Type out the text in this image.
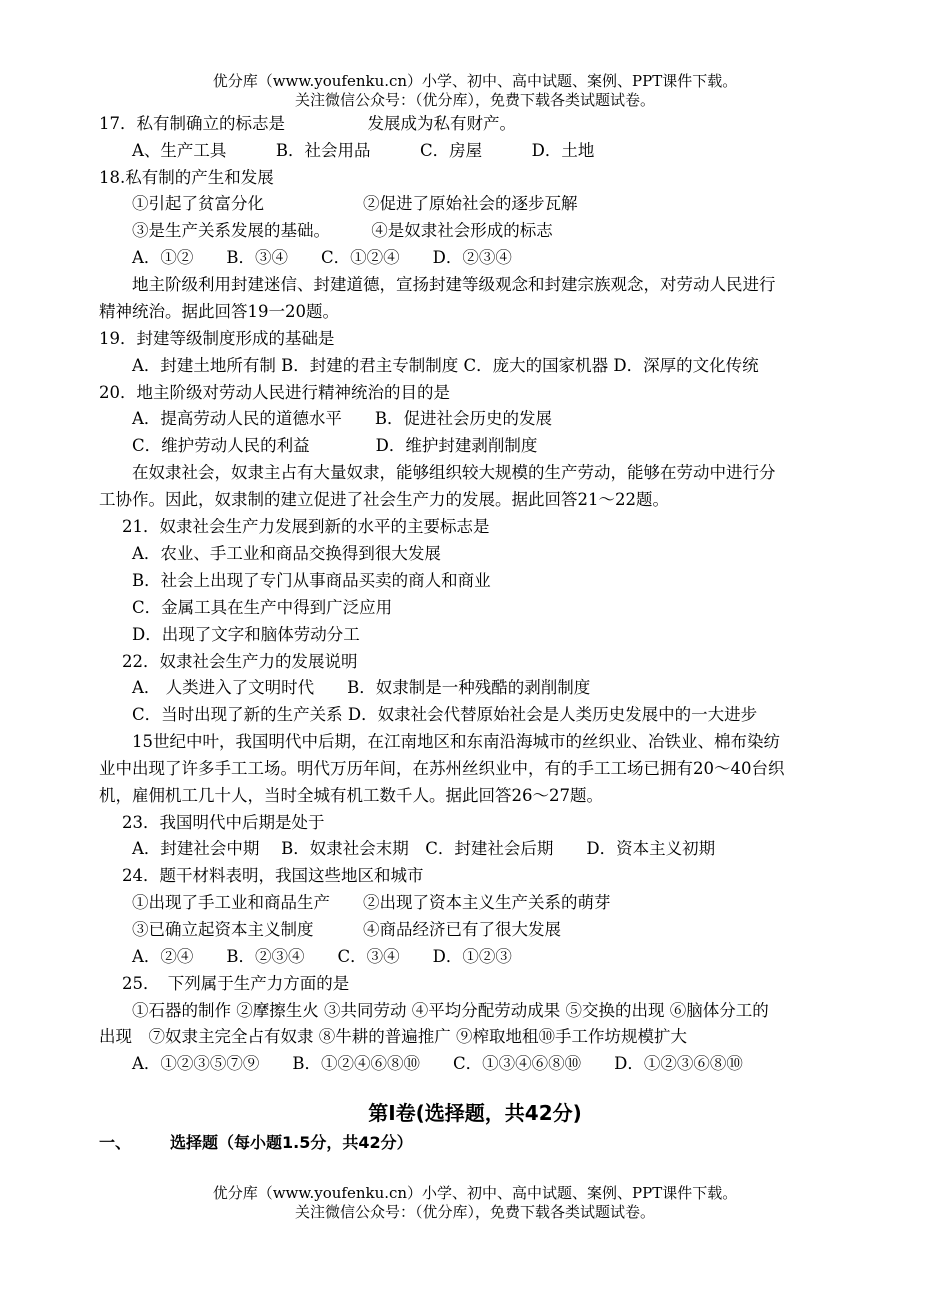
优分库（www.youfenku.cn）小学、初中、高中试题、案例、PPT课件下载。
关注微信公众号：（优分库），免费下载各类试题试卷。
17．私有制确立的标志是　　　　　发展成为私有财产。
A、生产工具　　　B．社会用品　　　C．房屋　　　D．土地
18.私有制的产生和发展
①引起了贫富分化　　　　　　②促进了原始社会的逐步瓦解
③是生产关系发展的基础。　　　④是奴隶社会形成的标志
A．①②　　B．③④　　C．①②④　　D．②③④
地主阶级利用封建迷信、封建道德，宣扬封建等级观念和封建宗族观念，对劳动人民进行
精神统治。据此回答19一20题。
19．封建等级制度形成的基础是
A．封建土地所有制 B．封建的君主专制制度 C．庞大的国家机器 D．深厚的文化传统
20．地主阶级对劳动人民进行精神统治的目的是
A．提高劳动人民的道德水平　　B．促进社会历史的发展
C．维护劳动人民的利益　　　　D．维护封建剥削制度
在奴隶社会，奴隶主占有大量奴隶，能够组织较大规模的生产劳动，能够在劳动中进行分
工协作。因此，奴隶制的建立促进了社会生产力的发展。据此回答21～22题。
21．奴隶社会生产力发展到新的水平的主要标志是
A．农业、手工业和商品交换得到很大发展
B．社会上出现了专门从事商品买卖的商人和商业
C．金属工具在生产中得到广泛应用
D．出现了文字和脑体劳动分工
22．奴隶社会生产力的发展说明
A． 人类进入了文明时代　　B．奴隶制是一种残酷的剥削制度
C．当时出现了新的生产关系 D．奴隶社会代替原始社会是人类历史发展中的一大进步
15世纪中叶，我国明代中后期，在江南地区和东南沿海城市的丝织业、冶铁业、棉布染纺
业中出现了许多手工工场。明代万历年间，在苏州丝织业中，有的手工工场已拥有20～40台织
机，雇佣机工几十人，当时全城有机工数千人。据此回答26～27题。
23．我国明代中后期是处于
A．封建社会中期　 B．奴隶社会末期　C．封建社会后期　　D．资本主义初期
24．题干材料表明，我国这些地区和城市
①出现了手工业和商品生产　　②出现了资本主义生产关系的萌芽
③已确立起资本主义制度　　　④商品经济已有了很大发展
A．②④　　B．②③④　　C．③④　　D．①②③
25．　下列属于生产力方面的是
①石器的制作 ②摩擦生火 ③共同劳动 ④平均分配劳动成果 ⑤交换的出现 ⑥脑体分工的
出现　⑦奴隶主完全占有奴隶 ⑧牛耕的普遍推广 ⑨榨取地租⑩手工作坊规模扩大
A．①②③⑤⑦⑨　　B．①②④⑥⑧⑩　　C．①③④⑥⑧⑩　　D．①②③⑥⑧⑩
第Ⅰ卷(选择题，共42分)
一、 选择题（每小题1.5分，共42分）
优分库（www.youfenku.cn）小学、初中、高中试题、案例、PPT课件下载。
关注微信公众号：（优分库），免费下载各类试题试卷。
